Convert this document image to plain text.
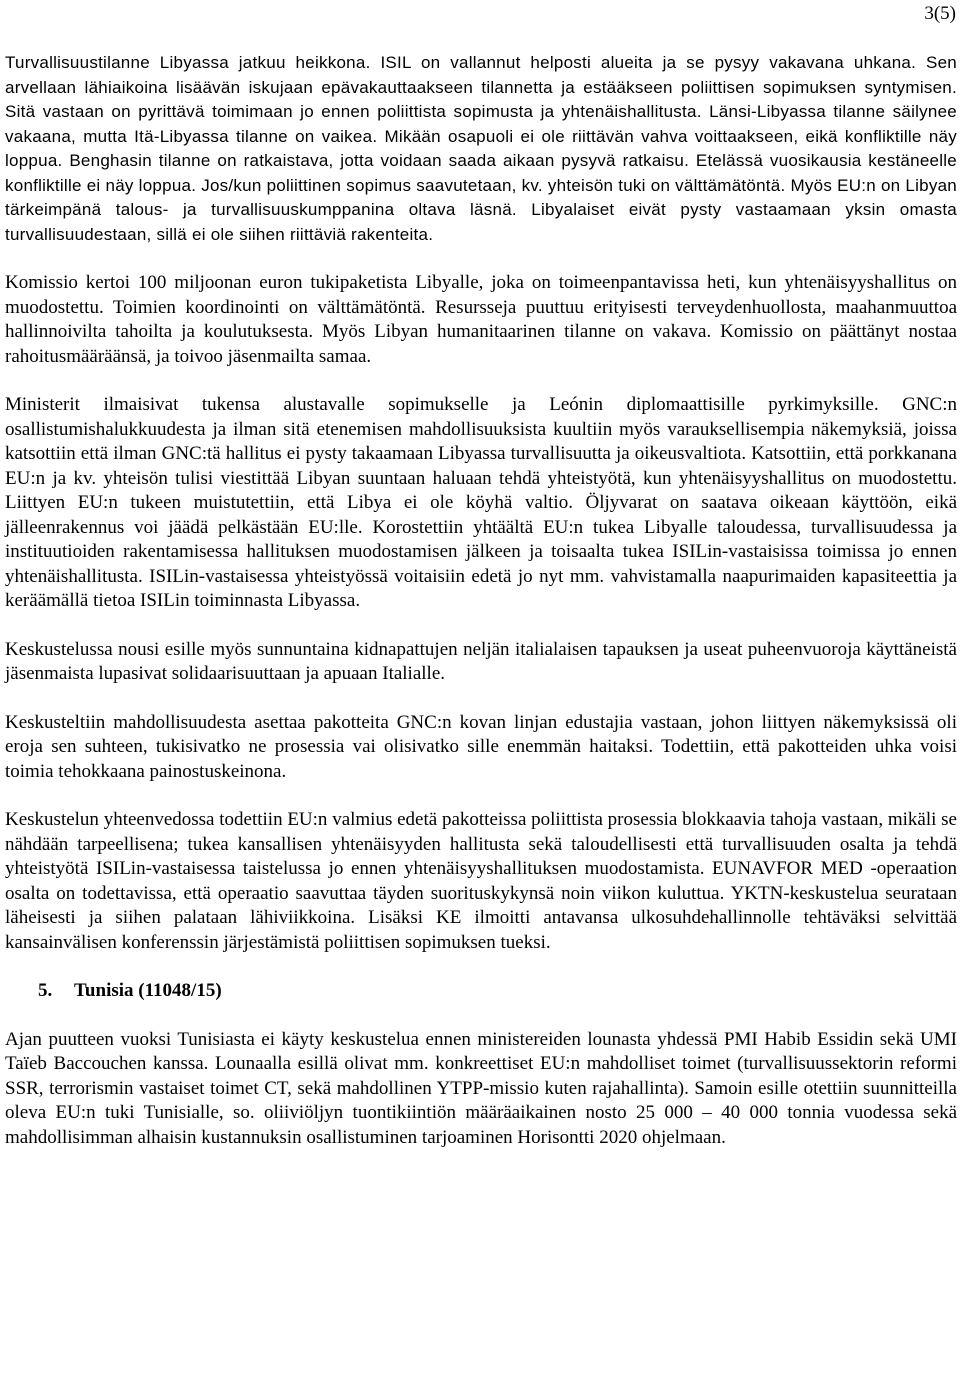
3(5)

Turvallisuustilanne Libyassa jatkuu heikkona. ISIL on vallannut helposti alueita ja se pysyy vakavana uhkana. Sen arvellaan lähiaikoina lisäävän iskujaan epävakauttaakseen tilannetta ja estääkseen poliittisen sopimuksen syntymisen. Sitä vastaan on pyrittävä toimimaan jo ennen poliittista sopimusta ja yhtenäishallitusta. Länsi-Libyassa tilanne säilynee vakaana, mutta Itä-Libyassa tilanne on vaikea. Mikään osapuoli ei ole riittävän vahva voittaakseen, eikä konfliktille näy loppua. Benghasin tilanne on ratkaistava, jotta voidaan saada aikaan pysyvä ratkaisu. Etelässä vuosikausia kestäneelle konfliktille ei näy loppua. Jos/kun poliittinen sopimus saavutetaan, kv. yhteisön tuki on välttämätöntä. Myös EU:n on Libyan tärkeimpänä talous- ja turvallisuuskumppanina oltava läsnä. Libyalaiset eivät pysty vastaamaan yksin omasta turvallisuudestaan, sillä ei ole siihen riittäviä rakenteita.

Komissio kertoi 100 miljoonan euron tukipaketista Libyalle, joka on toimeenpantavissa heti, kun yhtenäisyyshallitus on muodostettu. Toimien koordinointi on välttämätöntä. Resursseja puuttuu erityisesti terveydenhuollosta, maahanmuuttoa hallinnoivilta tahoilta ja koulutuksesta. Myös Libyan humanitaarinen tilanne on vakava. Komissio on päättänyt nostaa rahoitusmääräänsä, ja toivoo jäsenmailta samaa.

Ministerit ilmaisivat tukensa alustavalle sopimukselle ja Leónin diplomaattisille pyrkimyksille. GNC:n osallistumishalukkuudesta ja ilman sitä etenemisen mahdollisuuksista kuultiin myös varauksellisempia näkemyksiä, joissa katsottiin että ilman GNC:tä hallitus ei pysty takaamaan Libyassa turvallisuutta ja oikeusvaltiota. Katsottiin, että porkkanana EU:n ja kv. yhteisön tulisi viestittää Libyan suuntaan haluaan tehdä yhteistyötä, kun yhtenäisyyshallitus on muodostettu. Liittyen EU:n tukeen muistutettiin, että Libya ei ole köyhä valtio. Öljyvarat on saatava oikeaan käyttöön, eikä jälleenrakennus voi jäädä pelkästään EU:lle. Korostettiin yhtäältä EU:n tukea Libyalle taloudessa, turvallisuudessa ja instituutioiden rakentamisessa hallituksen muodostamisen jälkeen ja toisaalta tukea ISILin-vastaisissa toimissa jo ennen yhtenäishallitusta. ISILin-vastaisessa yhteistyössä voitaisiin edetä jo nyt mm. vahvistamalla naapurimaiden kapasiteettia ja keräämällä tietoa ISILin toiminnasta Libyassa.

Keskustelussa nousi esille myös sunnuntaina kidnapattujen neljän italialaisen tapauksen ja useat puheenvuoroja käyttäneistä jäsenmaista lupasivat solidaarisuuttaan ja apuaan Italialle.

Keskusteltiin mahdollisuudesta asettaa pakotteita GNC:n kovan linjan edustajia vastaan, johon liittyen näkemyksissä oli eroja sen suhteen, tukisivatko ne prosessia vai olisivatko sille enemmän haitaksi. Todettiin, että pakotteiden uhka voisi toimia tehokkaana painostuskeinona.

Keskustelun yhteenvedossa todettiin EU:n valmius edetä pakotteissa poliittista prosessia blokkaavia tahoja vastaan, mikäli se nähdään tarpeellisena; tukea kansallisen yhtenäisyyden hallitusta sekä taloudellisesti että turvallisuuden osalta ja tehdä yhteistyötä ISILin-vastaisessa taistelussa jo ennen yhtenäisyyshallituksen muodostamista. EUNAVFOR MED -operaation osalta on todettavissa, että operaatio saavuttaa täyden suorituskykynsä noin viikon kuluttua. YKTN-keskustelua seurataan läheisesti ja siihen palataan lähiviikkoina. Lisäksi KE ilmoitti antavansa ulkosuhdehallinnolle tehtäväksi selvittää kansainvälisen konferenssin järjestämistä poliittisen sopimuksen tueksi.

5. Tunisia (11048/15)

Ajan puutteen vuoksi Tunisiasta ei käyty keskustelua ennen ministereiden lounasta yhdessä PMI Habib Essidin sekä UMI Taïeb Baccouchen kanssa. Lounaalla esillä olivat mm. konkreettiset EU:n mahdolliset toimet (turvallisuussektorin reformi SSR, terrorismin vastaiset toimet CT, sekä mahdollinen YTPP-missio kuten rajahallinta). Samoin esille otettiin suunnitteilla oleva EU:n tuki Tunisialle, so. oliiviöljyn tuontikiintiön määräaikainen nosto 25 000 – 40 000 tonnia vuodessa sekä mahdollisimman alhaisin kustannuksin osallistuminen tarjoaminen Horisontti 2020 ohjelmaan.
